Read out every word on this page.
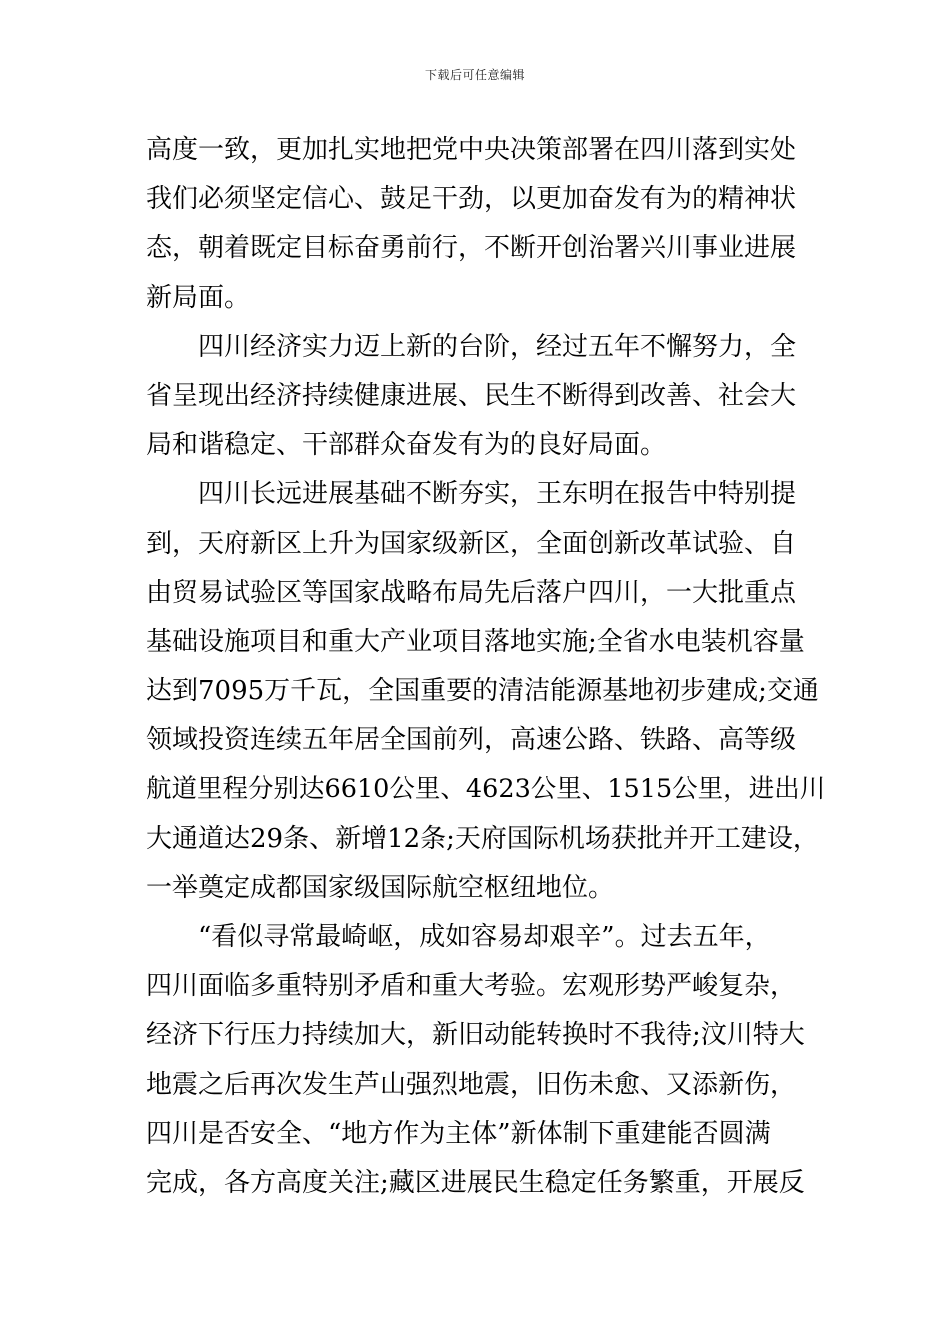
下载后可任意编辑
高度一致，更加扎实地把党中央决策部署在四川落到实处
我们必须坚定信心、鼓足干劲，以更加奋发有为的精神状
态，朝着既定目标奋勇前行，不断开创治署兴川事业进展
新局面。
　　四川经济实力迈上新的台阶，经过五年不懈努力，全
省呈现出经济持续健康进展、民生不断得到改善、社会大
局和谐稳定、干部群众奋发有为的良好局面。
　　四川长远进展基础不断夯实，王东明在报告中特别提
到，天府新区上升为国家级新区，全面创新改革试验、自
由贸易试验区等国家战略布局先后落户四川，一大批重点
基础设施项目和重大产业项目落地实施;全省水电装机容量
达到7095万千瓦，全国重要的清洁能源基地初步建成;交通
领域投资连续五年居全国前列，高速公路、铁路、高等级
航道里程分别达6610公里、4623公里、1515公里，进出川
大通道达29条、新增12条;天府国际机场获批并开工建设，
一举奠定成都国家级国际航空枢纽地位。
　　“看似寻常最崎岖，成如容易却艰辛”。过去五年，
四川面临多重特别矛盾和重大考验。宏观形势严峻复杂，
经济下行压力持续加大，新旧动能转换时不我待;汶川特大
地震之后再次发生芦山强烈地震，旧伤未愈、又添新伤，
四川是否安全、“地方作为主体”新体制下重建能否圆满
完成，各方高度关注;藏区进展民生稳定任务繁重，开展反
